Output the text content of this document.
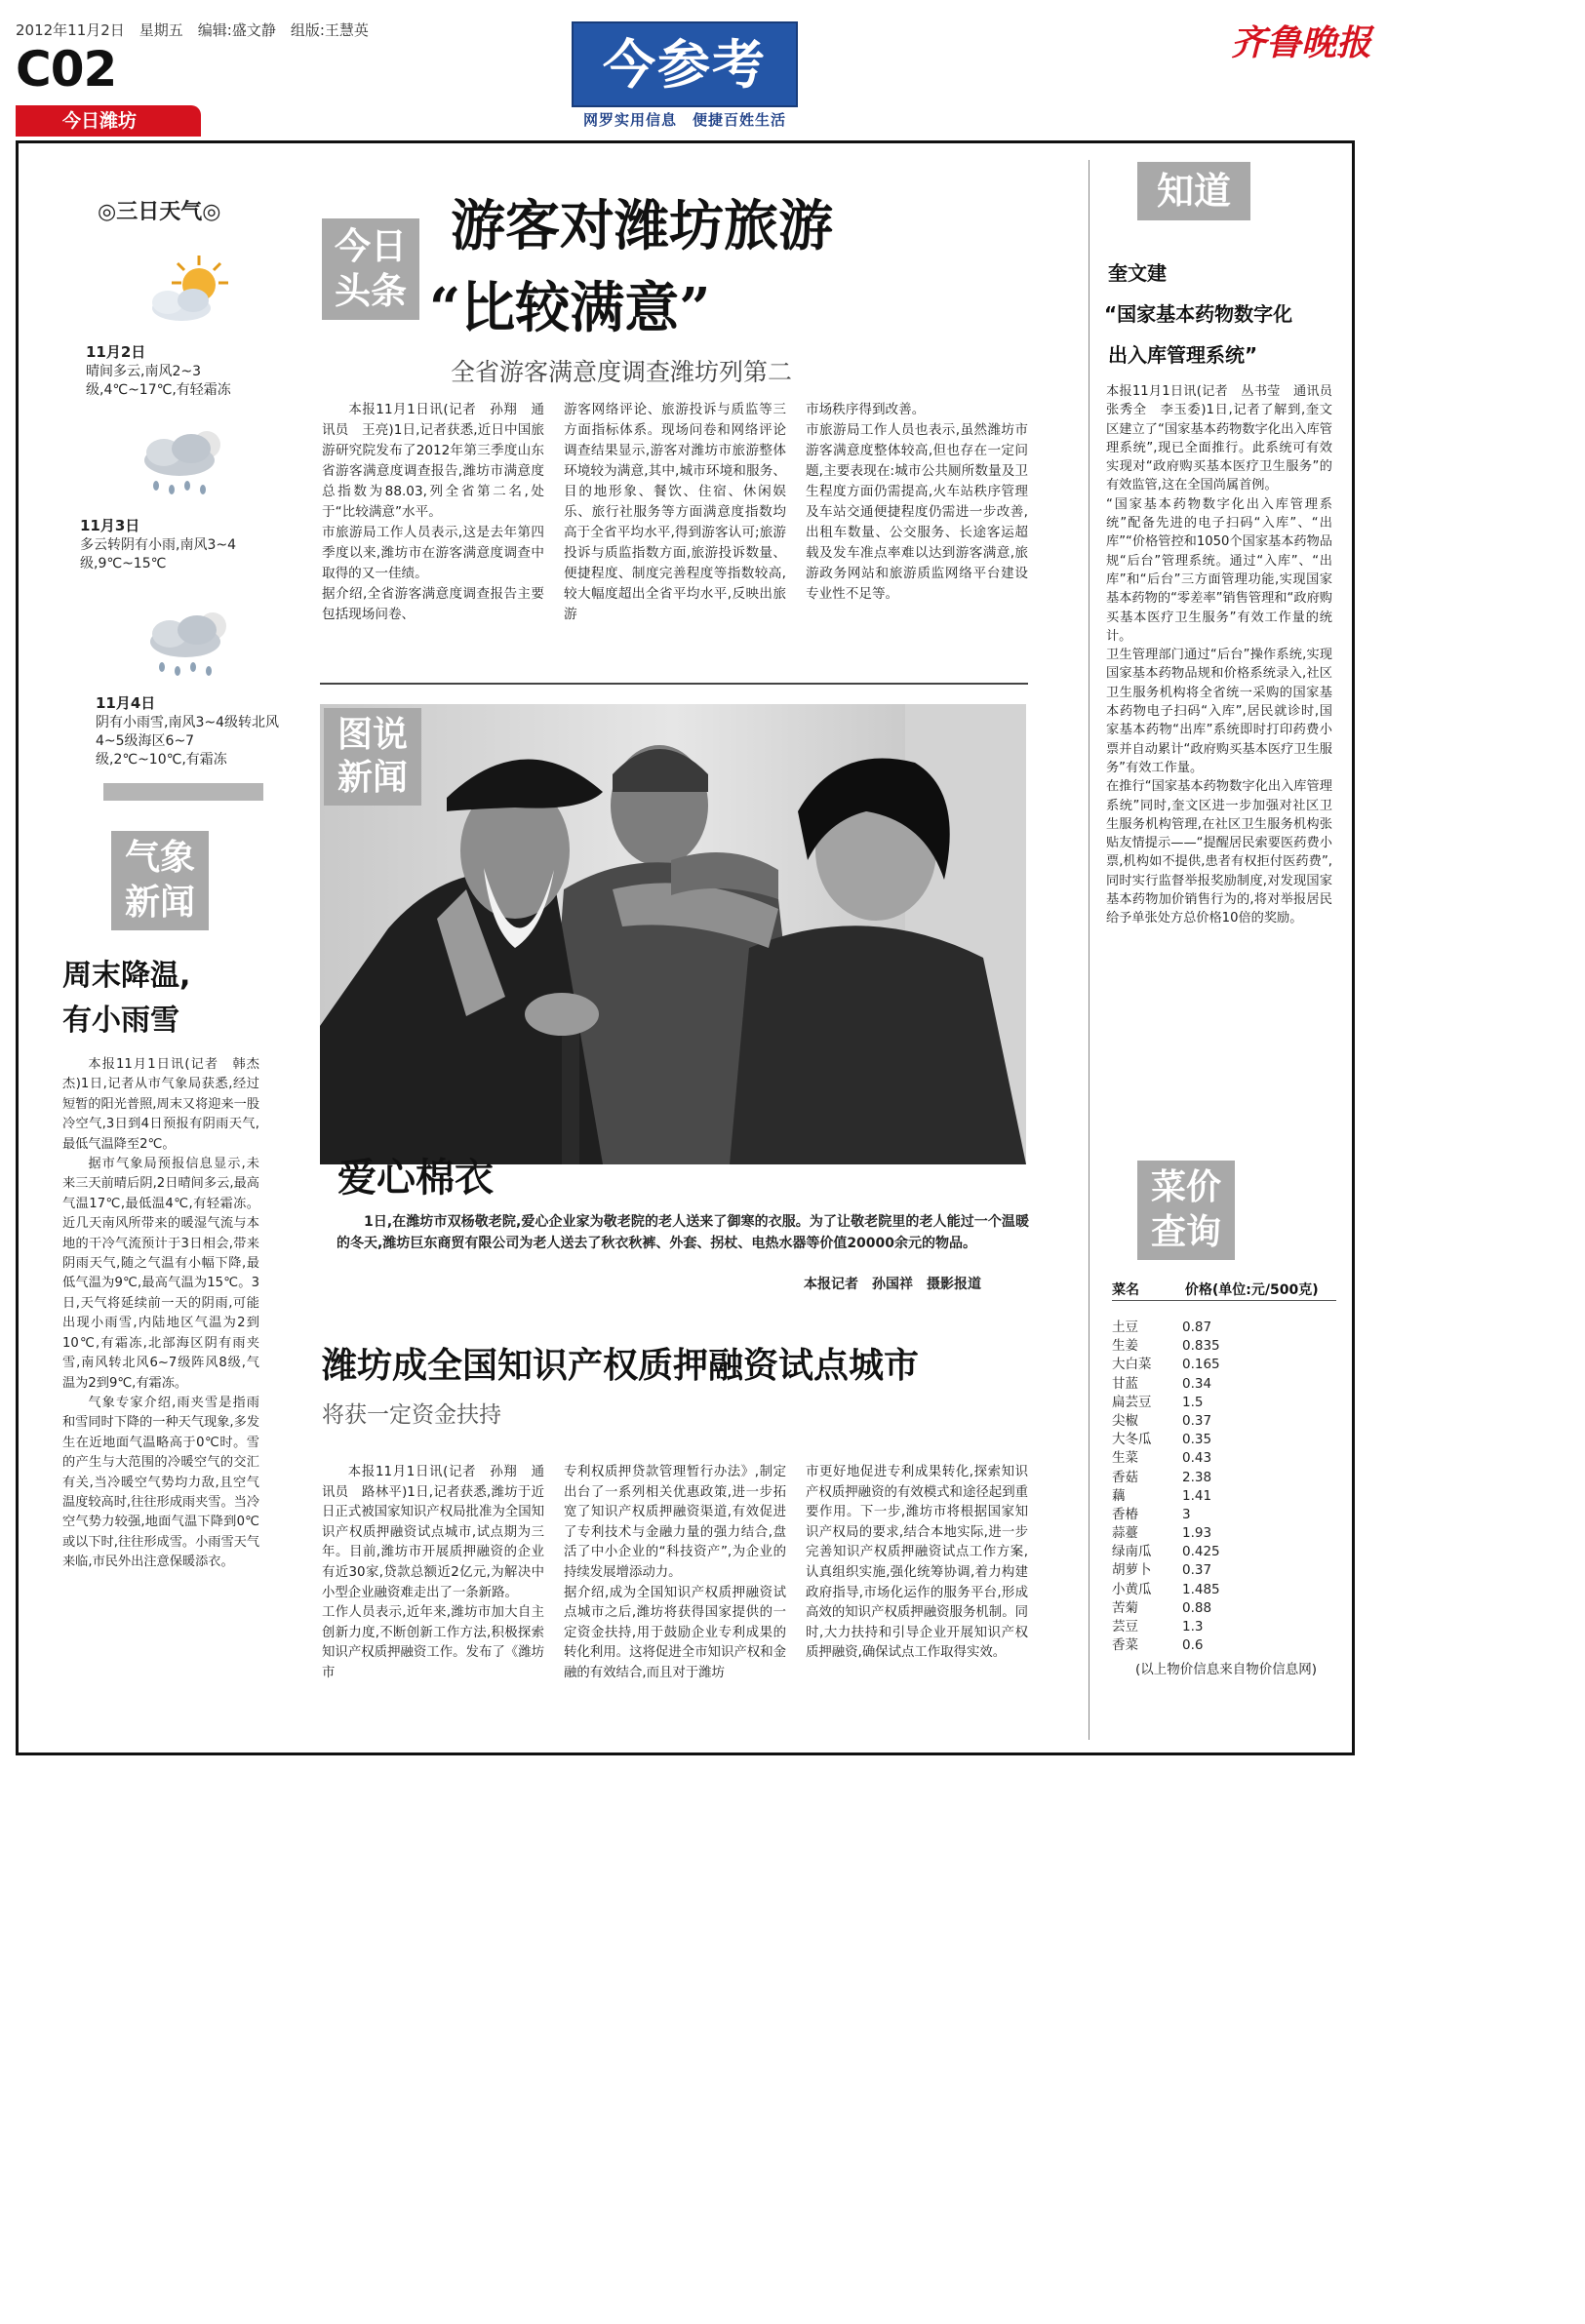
2012年11月2日　星期五　编辑:盛文静　组版:王慧英
C02
今日潍坊
今参考
网罗实用信息　便捷百姓生活
齐鲁晚报
◎三日天气◎
11月2日
晴间多云,南风2~3级,4℃~17℃,有轻霜冻
11月3日
多云转阴有小雨,南风3~4级,9℃~15℃
11月4日
阴有小雨雪,南风3~4级转北风4~5级海区6~7级,2℃~10℃,有霜冻
气象新闻
周末降温,
有小雨雪

本报11月1日讯(记者　韩杰杰)1日,记者从市气象局获悉,经过短暂的阳光普照,周末又将迎来一股冷空气,3日到4日预报有阴雨天气,最低气温降至2℃。

据市气象局预报信息显示,未来三天前晴后阴,2日晴间多云,最高气温17℃,最低温4℃,有轻霜冻。近几天南风所带来的暖湿气流与本地的干冷气流预计于3日相会,带来阴雨天气,随之气温有小幅下降,最低气温为9℃,最高气温为15℃。3日,天气将延续前一天的阴雨,可能出现小雨雪,内陆地区气温为2到10℃,有霜冻,北部海区阴有雨夹雪,南风转北风6~7级阵风8级,气温为2到9℃,有霜冻。

气象专家介绍,雨夹雪是指雨和雪同时下降的一种天气现象,多发生在近地面气温略高于0℃时。雪的产生与大范围的冷暖空气的交汇有关,当冷暖空气势均力敌,且空气温度较高时,往往形成雨夹雪。当冷空气势力较强,地面气温下降到0℃或以下时,往往形成雪。小雨雪天气来临,市民外出注意保暖添衣。

今日头条
游客对潍坊旅游
“比较满意”
全省游客满意度调查潍坊列第二
本报11月1日讯(记者　孙翔　通讯员　王亮)1日,记者获悉,近日中国旅游研究院发布了2012年第三季度山东省游客满意度调查报告,潍坊市满意度总指数为88.03,列全省第二名,处于“比较满意”水平。
市旅游局工作人员表示,这是去年第四季度以来,潍坊市在游客满意度调查中取得的又一佳绩。
据介绍,全省游客满意度调查报告主要包括现场问卷、
游客网络评论、旅游投诉与质监等三方面指标体系。现场问卷和网络评论调查结果显示,游客对潍坊市旅游整体环境较为满意,其中,城市环境和服务、目的地形象、餐饮、住宿、休闲娱乐、旅行社服务等方面满意度指数均高于全省平均水平,得到游客认可;旅游投诉与质监指数方面,旅游投诉数量、便捷程度、制度完善程度等指数较高,较大幅度超出全省平均水平,反映出旅游
市场秩序得到改善。
市旅游局工作人员也表示,虽然潍坊市游客满意度整体较高,但也存在一定问题,主要表现在:城市公共厕所数量及卫生程度方面仍需提高,火车站秩序管理及车站交通便捷程度仍需进一步改善,出租车数量、公交服务、长途客运超载及发车准点率难以达到游客满意,旅游政务网站和旅游质监网络平台建设专业性不足等。
图说新闻
爱心棉衣
1日,在潍坊市双杨敬老院,爱心企业家为敬老院的老人送来了御寒的衣服。为了让敬老院里的老人能过一个温暖的冬天,潍坊巨东商贸有限公司为老人送去了秋衣秋裤、外套、拐杖、电热水器等价值20000余元的物品。
本报记者　孙国祥　摄影报道
潍坊成全国知识产权质押融资试点城市
将获一定资金扶持
本报11月1日讯(记者　孙翔　通讯员　路林平)1日,记者获悉,潍坊于近日正式被国家知识产权局批准为全国知识产权质押融资试点城市,试点期为三年。目前,潍坊市开展质押融资的企业有近30家,贷款总额近2亿元,为解决中小型企业融资难走出了一条新路。
工作人员表示,近年来,潍坊市加大自主创新力度,不断创新工作方法,积极探索知识产权质押融资工作。发布了《潍坊市
专利权质押贷款管理暂行办法》,制定出台了一系列相关优惠政策,进一步拓宽了知识产权质押融资渠道,有效促进了专利技术与金融力量的强力结合,盘活了中小企业的“科技资产”,为企业的持续发展增添动力。
据介绍,成为全国知识产权质押融资试点城市之后,潍坊将获得国家提供的一定资金扶持,用于鼓励企业专利成果的转化利用。这将促进全市知识产权和金融的有效结合,而且对于潍坊
市更好地促进专利成果转化,探索知识产权质押融资的有效模式和途径起到重要作用。下一步,潍坊市将根据国家知识产权局的要求,结合本地实际,进一步完善知识产权质押融资试点工作方案,认真组织实施,强化统筹协调,着力构建政府指导,市场化运作的服务平台,形成高效的知识产权质押融资服务机制。同时,大力扶持和引导企业开展知识产权质押融资,确保试点工作取得实效。
知道
奎文建
“国家基本药物数字化
出入库管理系统”
本报11月1日讯(记者　丛书莹　通讯员　张秀全　李玉委)1日,记者了解到,奎文区建立了“国家基本药物数字化出入库管理系统”,现已全面推行。此系统可有效实现对“政府购买基本医疗卫生服务”的有效监管,这在全国尚属首例。
“国家基本药物数字化出入库管理系统”配备先进的电子扫码“入库”、“出库”“价格管控和1050个国家基本药物品规“后台”管理系统。通过“入库”、“出库”和“后台”三方面管理功能,实现国家基本药物的“零差率”销售管理和“政府购买基本医疗卫生服务”有效工作量的统计。
卫生管理部门通过“后台”操作系统,实现国家基本药物品规和价格系统录入,社区卫生服务机构将全省统一采购的国家基本药物电子扫码“入库”,居民就诊时,国家基本药物“出库”系统即时打印药费小票并自动累计“政府购买基本医疗卫生服务”有效工作量。
在推行“国家基本药物数字化出入库管理系统”同时,奎文区进一步加强对社区卫生服务机构管理,在社区卫生服务机构张贴友情提示——“提醒居民索要医药费小票,机构如不提供,患者有权拒付医药费”,同时实行监督举报奖励制度,对发现国家基本药物加价销售行为的,将对举报居民给予单张处方总价格10倍的奖励。
菜价查询
菜名	价格(单位:元/500克)
土豆	0.87
生姜	0.835
大白菜 0.165
甘蓝	0.34
扁芸豆 1.5
尖椒	0.37
大冬瓜 0.35
生菜	0.43
香菇	2.38
藕	1.41
香椿	3
蒜薹	1.93
绿南瓜 0.425
胡萝卜 0.37
小黄瓜 1.485
苦菊	0.88
芸豆	1.3
香菜	0.6
(以上物价信息来自物价信息网)
